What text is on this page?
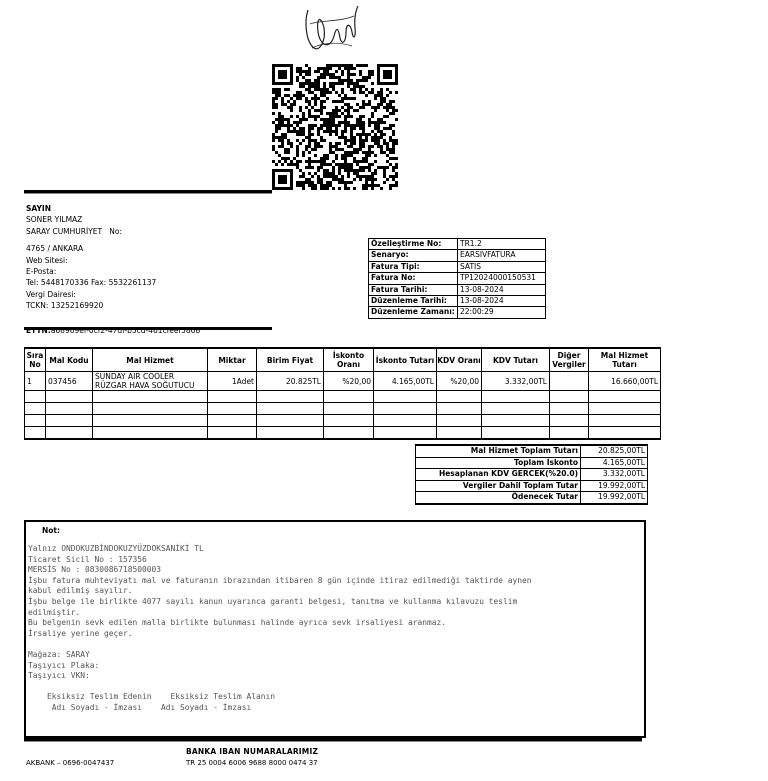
SAYIN
SONER YILMAZ
SARAY CUMHURİYET   No:
4765 / ANKARA
Web Sitesi:
E-Posta:
Tel: 5448170336 Fax: 5532261137
Vergi Dairesi:
TCKN: 13252169920
ETTN:a68969ef-0cf2-47df-b3cd-461cfeef5868
Özelleştirme No:	TR1.2
Senaryo:	EARSIVFATURA
Fatura Tipi:	SATIS
Fatura No:	TP12024000150531
Fatura Tarihi:	13-08-2024
Düzenleme Tarihi:	13-08-2024
Düzenleme Zamanı:	22:00:29
Sıra No	Mal Kodu	Mal Hizmet	Miktar	Birim Fiyat	İskonto Oranı	İskonto Tutarı	KDV Oranı	KDV Tutarı	Diğer Vergiler	Mal Hizmet Tutarı
1	037456	SUNDAY AIR COOLER RÜZGAR HAVA SOĞUTUCU	1Adet	20.825TL	%20,00	4.165,00TL	%20,00	3.332,00TL		16.660,00TL

Mal Hizmet Toplam Tutarı	20.825,00TL
Toplam İskonto	4.165,00TL
Hesaplanan KDV GERCEK(%20.0)	3.332,00TL
Vergiler Dahil Toplam Tutar	19.992,00TL
Ödenecek Tutar	19.992,00TL
Not:
Yalnız ONDOKUZBİNDOKUZYÜZDOKSANİKİ TL
Ticaret Sicil No : 157356
MERSİS No : 0830086718500003
İşbu fatura muhteviyatı mal ve faturanın ibrazından itibaren 8 gün içinde itiraz edilmediği taktirde aynen
kabul edilmiş sayılır.
İşbu belge ile birlikte 4077 sayılı kanun uyarınca garanti belgesi, tanıtma ve kullanma kılavuzu teslim
edilmiştir.
Bu belgenin sevk edilen malla birlikte bulunması halinde ayrıca sevk irsaliyesi aranmaz.
İrsaliye yerine geçer.
Mağaza: SARAY
Taşıyıcı Plaka:
Taşıyıcı VKN:
Eksiksiz Teslim Edenin    Eksiksiz Teslim Alanın
Adı Soyadı - İmzası    Adı Soyadı - İmzası
BANKA IBAN NUMARALARIMIZ
AKBANK – 0696-0047437	TR 25 0004 6006 9688 8000 0474 37
